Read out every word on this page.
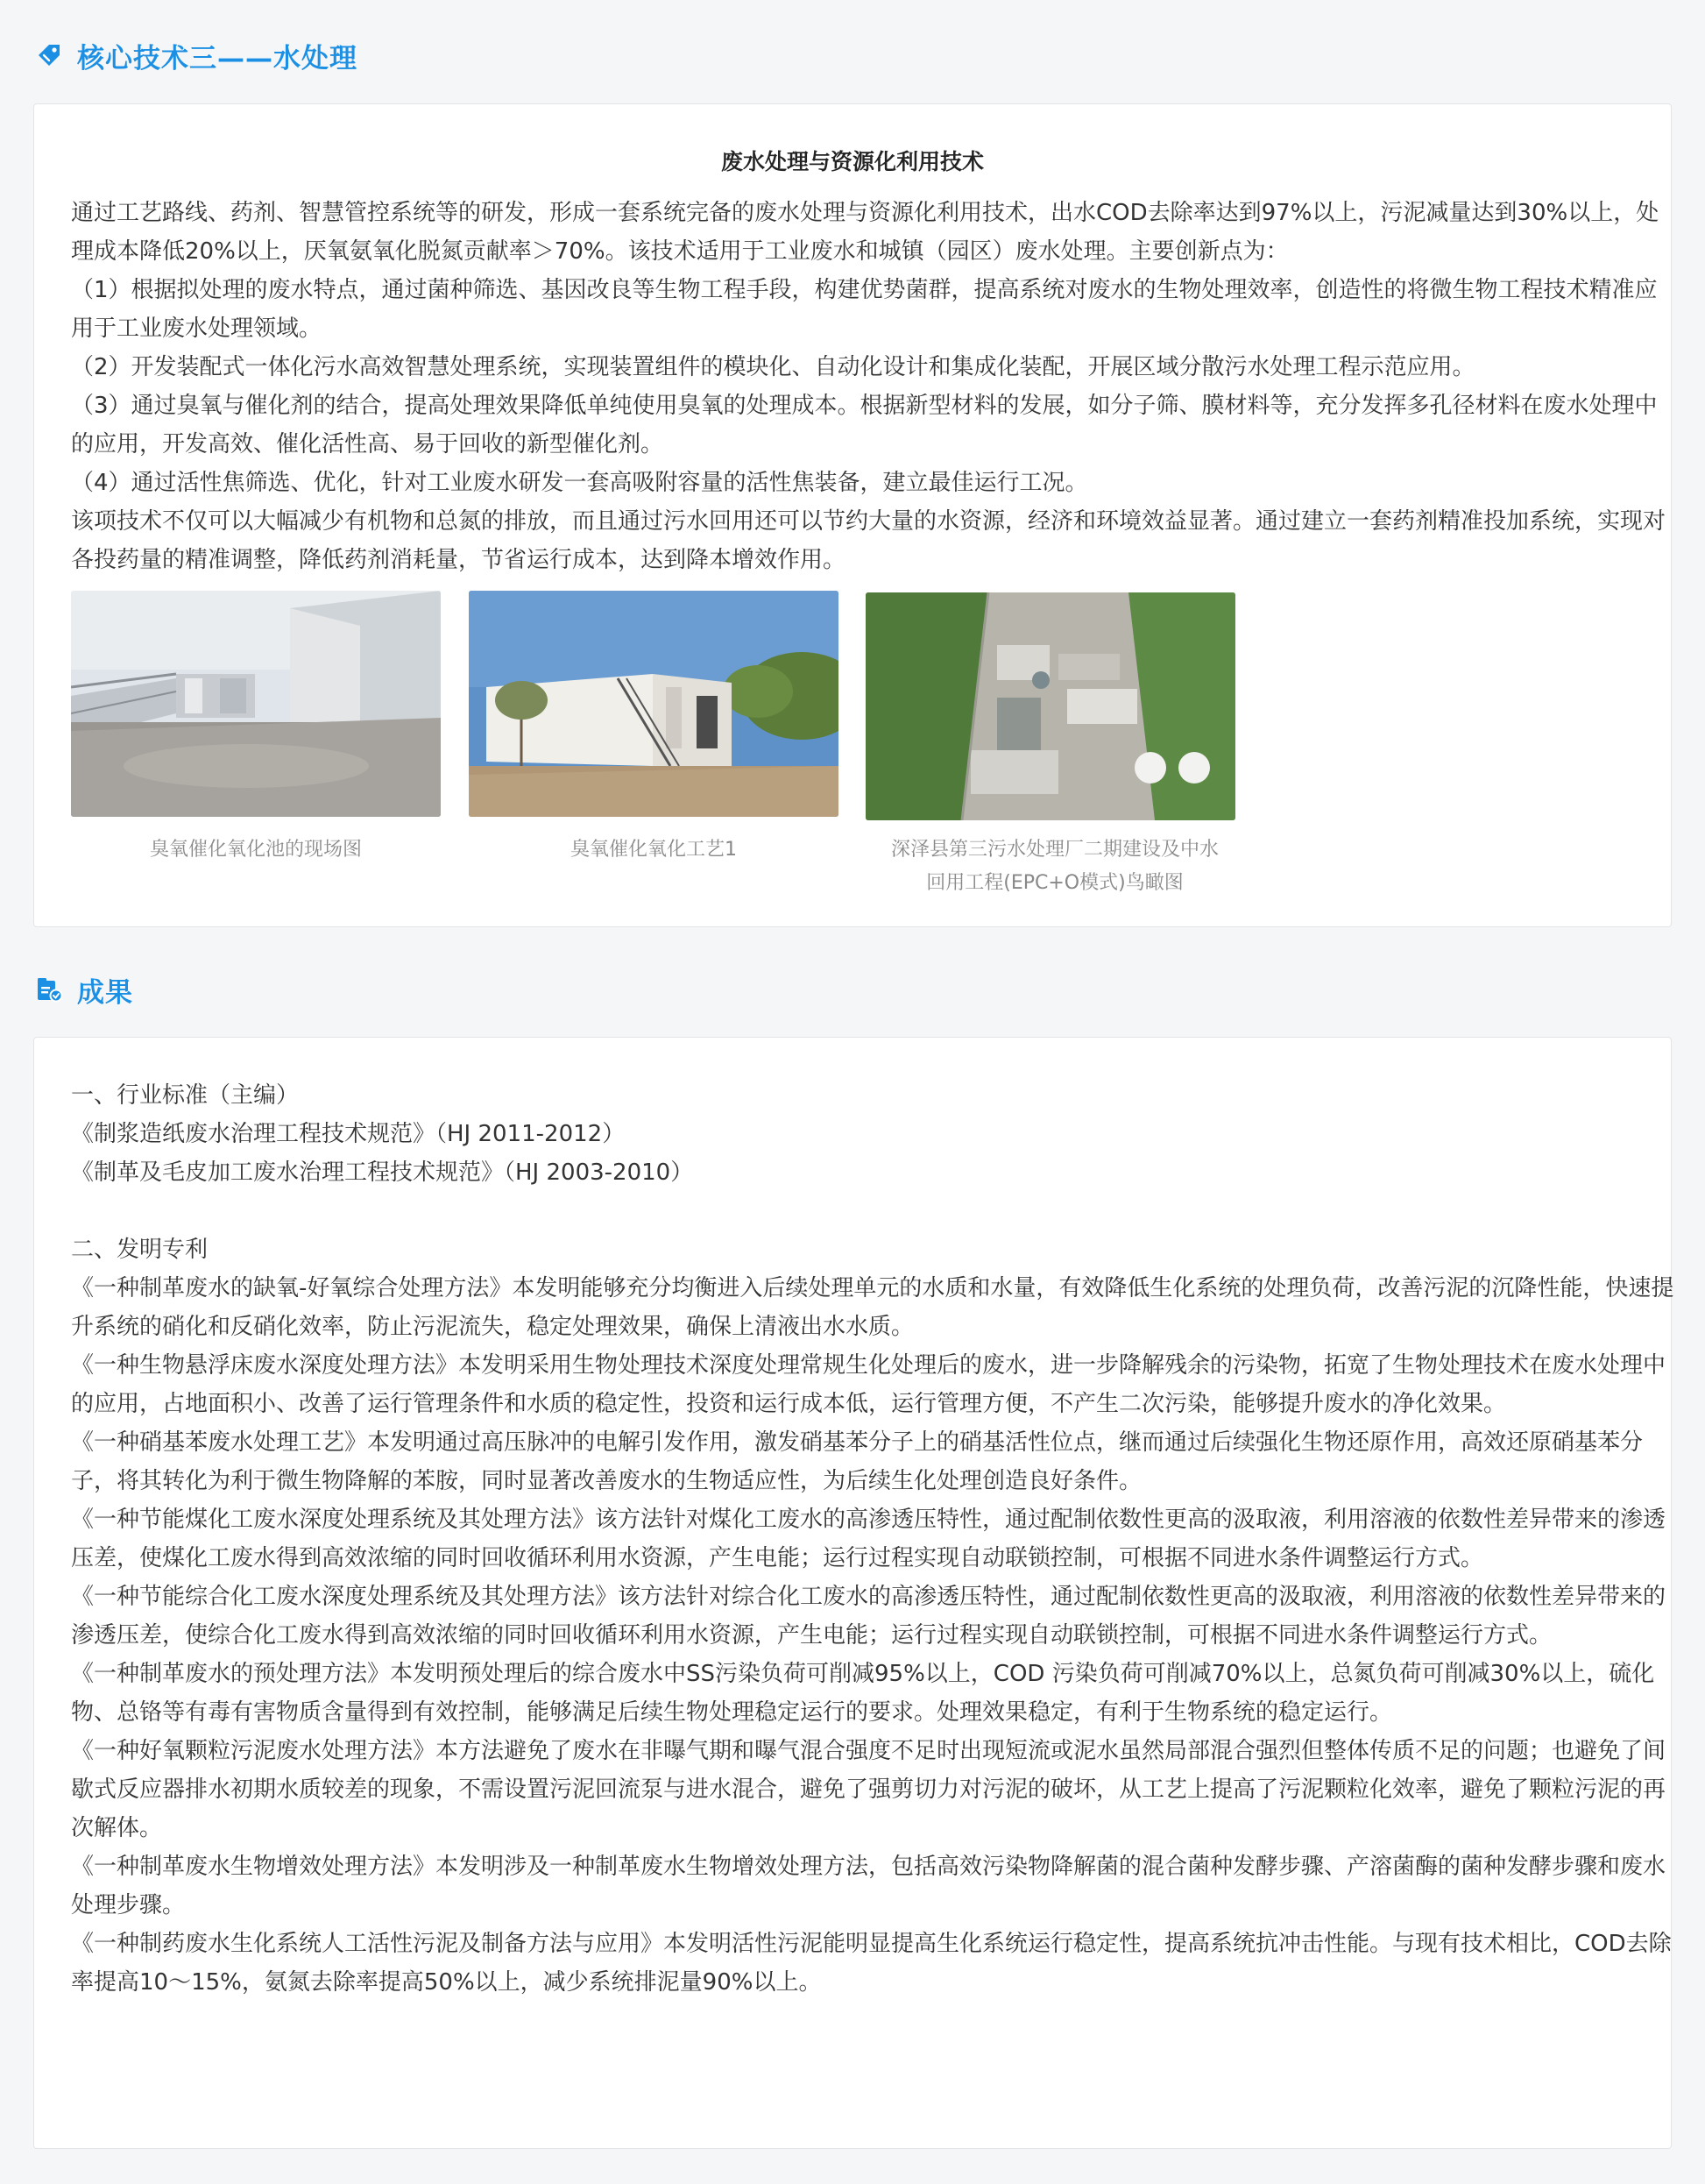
核心技术三——水处理
废水处理与资源化利用技术

通过工艺路线、药剂、智慧管控系统等的研发，形成一套系统完备的废水处理与资源化利用技术，出水COD去除率达到97%以上，污泥减量达到30%以上，处理成本降低20%以上，厌氧氨氧化脱氮贡献率＞70%。该技术适用于工业废水和城镇（园区）废水处理。主要创新点为：

（1）根据拟处理的废水特点，通过菌种筛选、基因改良等生物工程手段，构建优势菌群，提高系统对废水的生物处理效率，创造性的将微生物工程技术精准应用于工业废水处理领域。

（2）开发装配式一体化污水高效智慧处理系统，实现装置组件的模块化、自动化设计和集成化装配，开展区域分散污水处理工程示范应用。

（3）通过臭氧与催化剂的结合，提高处理效果降低单纯使用臭氧的处理成本。根据新型材料的发展，如分子筛、膜材料等，充分发挥多孔径材料在废水处理中的应用，开发高效、催化活性高、易于回收的新型催化剂。

（4）通过活性焦筛选、优化，针对工业废水研发一套高吸附容量的活性焦装备，建立最佳运行工况。

该项技术不仅可以大幅减少有机物和总氮的排放，而且通过污水回用还可以节约大量的水资源，经济和环境效益显著。通过建立一套药剂精准投加系统，实现对各投药量的精准调整，降低药剂消耗量，节省运行成本，达到降本增效作用。

臭氧催化氧化池的现场图	臭氧催化氧化工艺1	深泽县第三污水处理厂二期建设及中水
回用工程(EPC+O模式)鸟瞰图
成果

一、行业标准（主编）

《制浆造纸废水治理工程技术规范》（HJ 2011-2012）

《制革及毛皮加工废水治理工程技术规范》（HJ 2003-2010）

二、发明专利

《一种制革废水的缺氧-好氧综合处理方法》本发明能够充分均衡进入后续处理单元的水质和水量，有效降低生化系统的处理负荷，改善污泥的沉降性能，快速提升系统的硝化和反硝化效率，防止污泥流失，稳定处理效果，确保上清液出水水质。

《一种生物悬浮床废水深度处理方法》本发明采用生物处理技术深度处理常规生化处理后的废水，进一步降解残余的污染物，拓宽了生物处理技术在废水处理中的应用，占地面积小、改善了运行管理条件和水质的稳定性，投资和运行成本低，运行管理方便，不产生二次污染，能够提升废水的净化效果。

《一种硝基苯废水处理工艺》本发明通过高压脉冲的电解引发作用，激发硝基苯分子上的硝基活性位点，继而通过后续强化生物还原作用，高效还原硝基苯分子，将其转化为利于微生物降解的苯胺，同时显著改善废水的生物适应性，为后续生化处理创造良好条件。

《一种节能煤化工废水深度处理系统及其处理方法》该方法针对煤化工废水的高渗透压特性，通过配制依数性更高的汲取液，利用溶液的依数性差异带来的渗透压差，使煤化工废水得到高效浓缩的同时回收循环利用水资源，产生电能；运行过程实现自动联锁控制，可根据不同进水条件调整运行方式。

《一种节能综合化工废水深度处理系统及其处理方法》该方法针对综合化工废水的高渗透压特性，通过配制依数性更高的汲取液，利用溶液的依数性差异带来的渗透压差，使综合化工废水得到高效浓缩的同时回收循环利用水资源，产生电能；运行过程实现自动联锁控制，可根据不同进水条件调整运行方式。

《一种制革废水的预处理方法》本发明预处理后的综合废水中SS污染负荷可削减95%以上，COD 污染负荷可削减70%以上，总氮负荷可削减30%以上，硫化物、总铬等有毒有害物质含量得到有效控制，能够满足后续生物处理稳定运行的要求。处理效果稳定，有利于生物系统的稳定运行。

《一种好氧颗粒污泥废水处理方法》本方法避免了废水在非曝气期和曝气混合强度不足时出现短流或泥水虽然局部混合强烈但整体传质不足的问题；也避免了间歇式反应器排水初期水质较差的现象，不需设置污泥回流泵与进水混合，避免了强剪切力对污泥的破坏，从工艺上提高了污泥颗粒化效率，避免了颗粒污泥的再次解体。

《一种制革废水生物增效处理方法》本发明涉及一种制革废水生物增效处理方法，包括高效污染物降解菌的混合菌种发酵步骤、产溶菌酶的菌种发酵步骤和废水处理步骤。

《一种制药废水生化系统人工活性污泥及制备方法与应用》本发明活性污泥能明显提高生化系统运行稳定性，提高系统抗冲击性能。与现有技术相比，COD去除率提高10～15%，氨氮去除率提高50%以上，减少系统排泥量90%以上。
